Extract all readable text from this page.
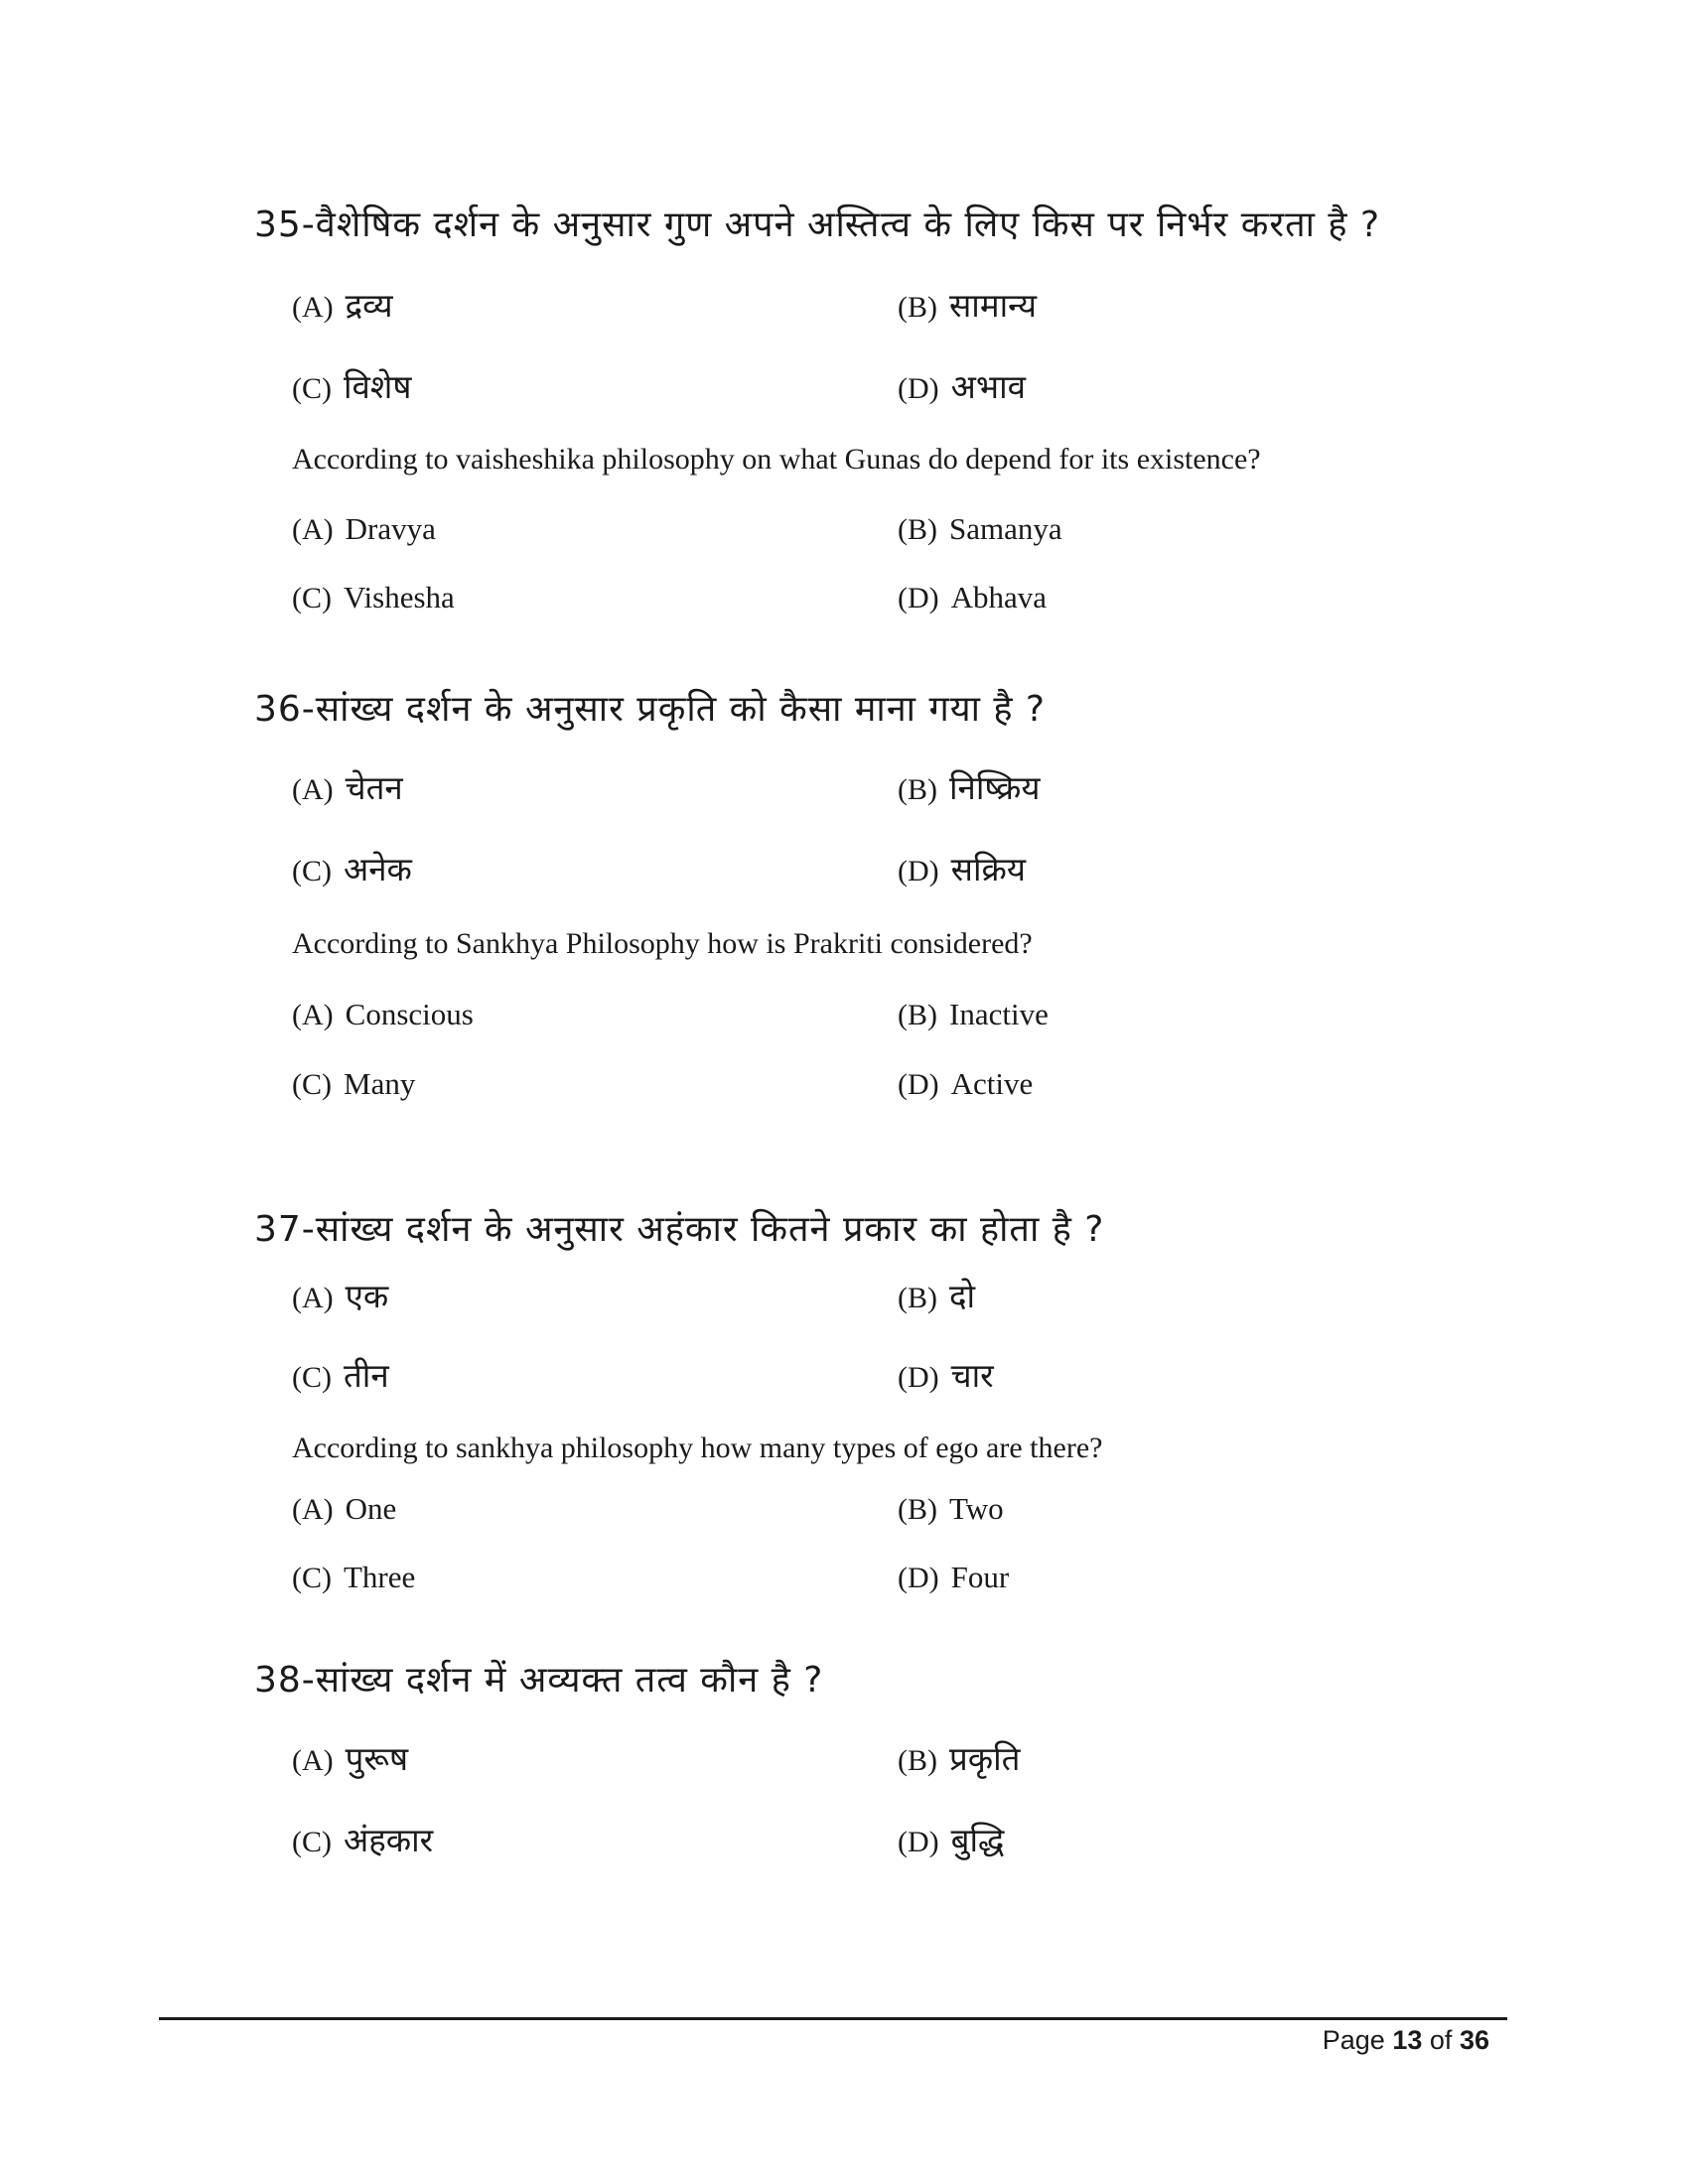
35-वैशेषिक दर्शन के अनुसार गुण अपने अस्तित्व के लिए किस पर निर्भर करता है ?
(A) द्रव्य	(B) सामान्य
(C) विशेष	(D) अभाव
According to vaisheshika philosophy on what Gunas do depend for its existence?
(A) Dravya	(B) Samanya
(C) Vishesha	(D) Abhava
36-सांख्य दर्शन के अनुसार प्रकृति को कैसा माना गया है ?
(A) चेतन	(B) निष्क्रिय
(C) अनेक	(D) सक्रिय
According to Sankhya Philosophy how is Prakriti considered?
(A) Conscious	(B) Inactive
(C) Many	(D) Active
37-सांख्य दर्शन के अनुसार अहंकार कितने प्रकार का होता है ?
(A) एक	(B) दो
(C) तीन	(D) चार
According to sankhya philosophy how many types of ego are there?
(A) One	(B) Two
(C) Three	(D) Four
38-सांख्य दर्शन में अव्यक्त तत्व कौन है ?
(A) पुरूष	(B) प्रकृति
(C) अंहकार	(D) बुद्धि
Page 13 of 36
